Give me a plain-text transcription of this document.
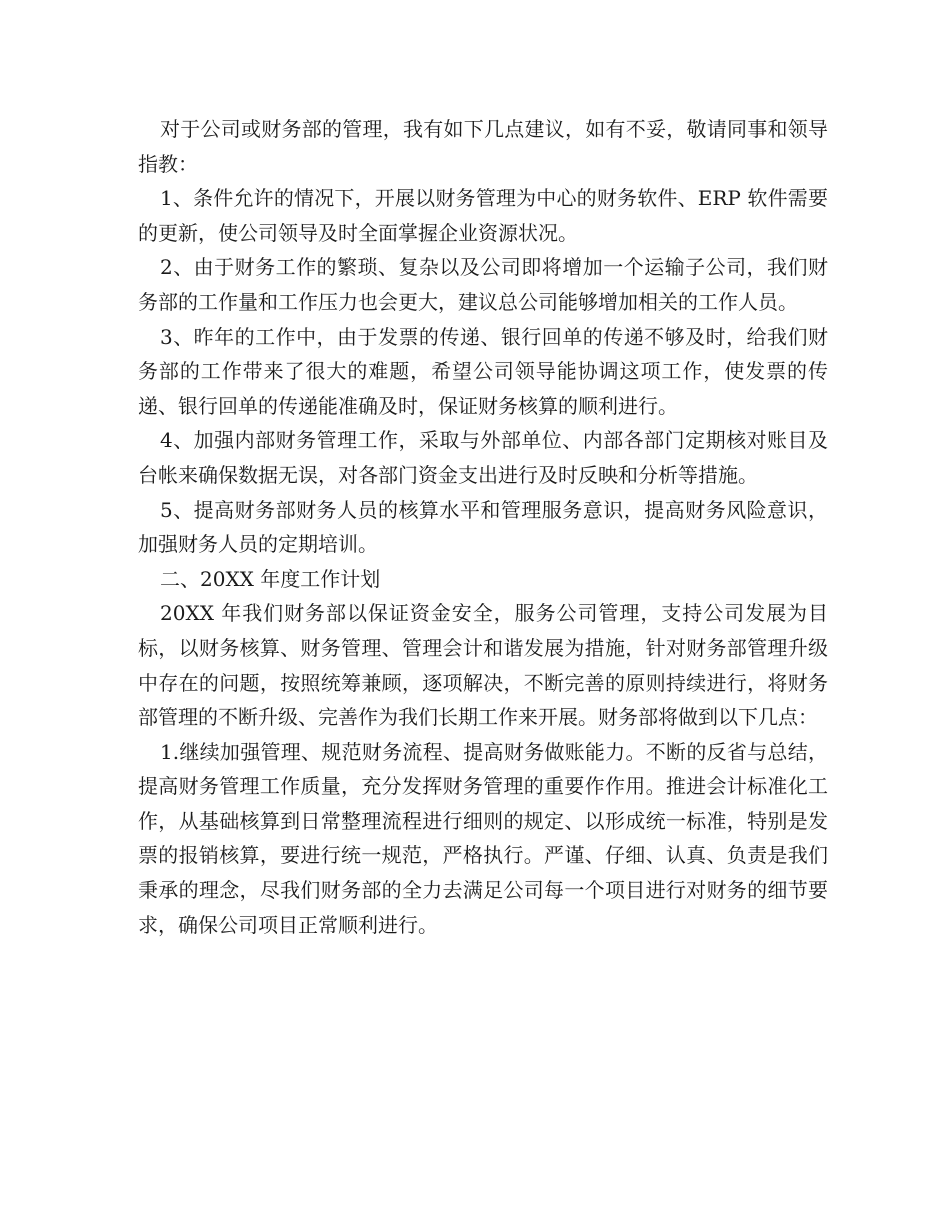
对于公司或财务部的管理，我有如下几点建议，如有不妥，敬请同事和领导指教：

1、条件允许的情况下，开展以财务管理为中心的财务软件、ERP 软件需要的更新，使公司领导及时全面掌握企业资源状况。

2、由于财务工作的繁琐、复杂以及公司即将增加一个运输子公司，我们财务部的工作量和工作压力也会更大，建议总公司能够增加相关的工作人员。

3、昨年的工作中，由于发票的传递、银行回单的传递不够及时，给我们财务部的工作带来了很大的难题，希望公司领导能协调这项工作，使发票的传递、银行回单的传递能准确及时，保证财务核算的顺利进行。

4、加强内部财务管理工作，采取与外部单位、内部各部门定期核对账目及台帐来确保数据无误，对各部门资金支出进行及时反映和分析等措施。

5、提高财务部财务人员的核算水平和管理服务意识，提高财务风险意识，加强财务人员的定期培训。

二、20XX 年度工作计划

20XX 年我们财务部以保证资金安全，服务公司管理，支持公司发展为目标，以财务核算、财务管理、管理会计和谐发展为措施，针对财务部管理升级中存在的问题，按照统筹兼顾，逐项解决，不断完善的原则持续进行，将财务部管理的不断升级、完善作为我们长期工作来开展。财务部将做到以下几点：

1.继续加强管理、规范财务流程、提高财务做账能力。不断的反省与总结，提高财务管理工作质量，充分发挥财务管理的重要作作用。推进会计标准化工作，从基础核算到日常整理流程进行细则的规定、以形成统一标准，特别是发票的报销核算，要进行统一规范，严格执行。严谨、仔细、认真、负责是我们秉承的理念，尽我们财务部的全力去满足公司每一个项目进行对财务的细节要求，确保公司项目正常顺利进行。
